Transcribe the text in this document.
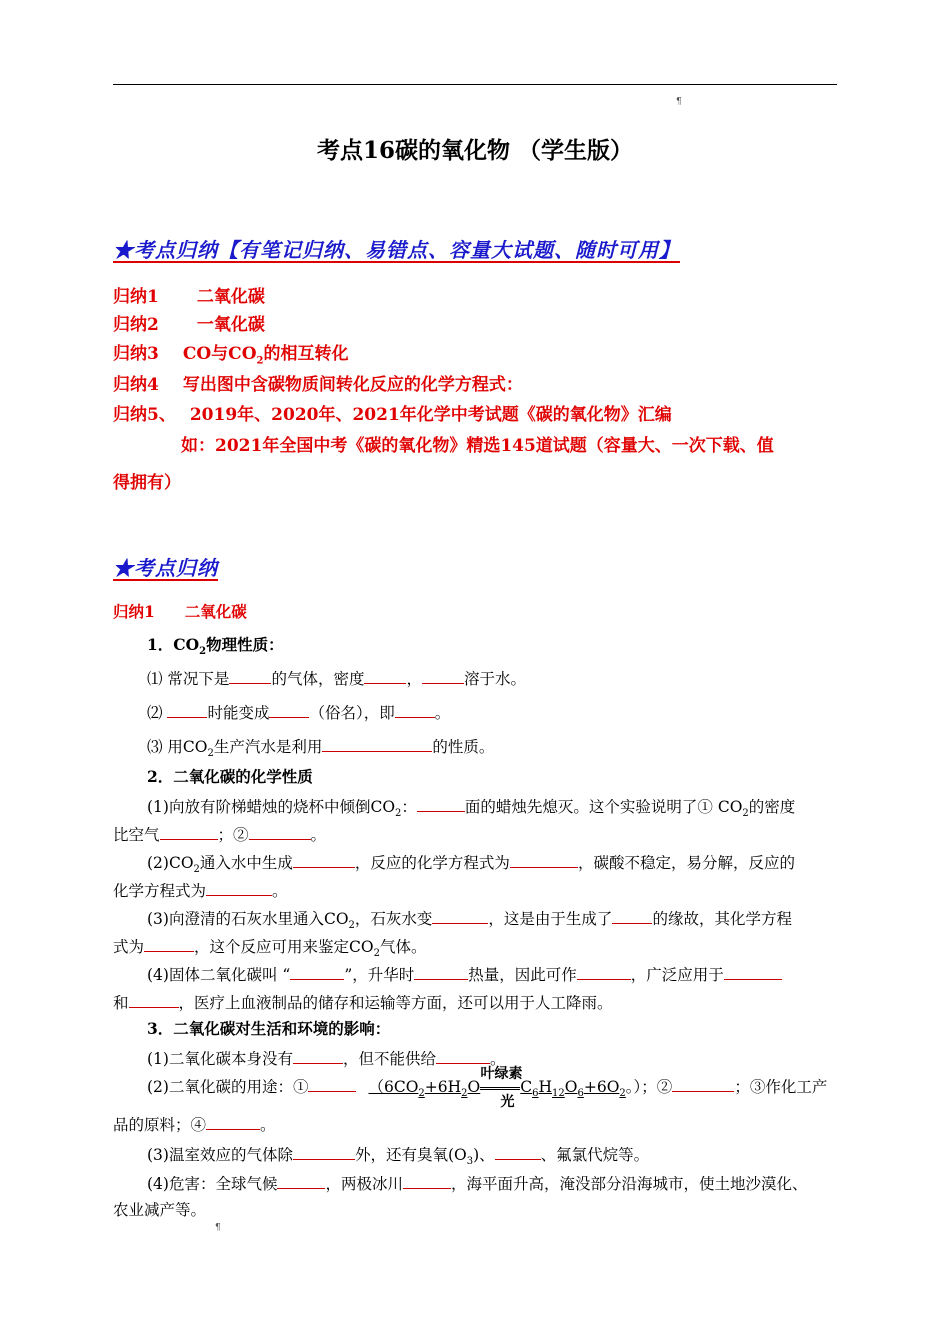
¶
考点16碳的氧化物 （学生版）
★考点归纳【有笔记归纳、易错点、容量大试题、随时可用】
归纳1 二氧化碳
归纳2 一氧化碳
归纳3 CO与$CO_2$的相互转化
归纳4 写出图中含碳物质间转化反应的化学方程式：
归纳5、 2019年、2020年、2021年化学中考试题《碳的氧化物》汇编
如：2021年全国中考《碳的氧化物》精选145道试题（容量大、一次下载、值
得拥有）
★考点归纳
归纳1 二氧化碳
1．$CO_2$物理性质：
⑴ 常况下是	的气体，密度	，	溶于水。
⑵	时能变成	（俗名），即	。
⑶ 用$CO_2$生产汽水是利用	的性质。
2．二氧化碳的化学性质
(1)向放有阶梯蜡烛的烧杯中倾倒$CO_2$：	面的蜡烛先熄灭。这个实验说明了① $CO_2$的密度
比空气	；②	。
$(2)CO_2$通入水中生成	，反应的化学方程式为	，碳酸不稳定，易分解，反应的
化学方程式为	。
(3)向澄清的石灰水里通入$CO_2$，石灰水变	，这是由于生成了	的缘故，其化学方程
式为	，这个反应可用来鉴定$CO_2$气体。
(4)固体二氧化碳叫 “	”，升华时	热量，因此可作	，广泛应用于
和	，医疗上血液制品的储存和运输等方面，还可以用于人工降雨。
3．二氧化碳对生活和环境的影响：
(1)二氧化碳本身没有	，但不能供给	。
(2)二氧化碳的用途：①	（$6CO_2+6H_2O$
叶绿素
光
$C_6H_{12}O_6+6O_2$。）；②	；③作化工产
品的原料；④	。
(3)温室效应的气体除	外，还有臭氧$(O_3)$、	、氟氯代烷等。
(4)危害：全球气候	，两极冰川	，海平面升高，淹没部分沿海城市，使土地沙漠化、
农业减产等。
¶
